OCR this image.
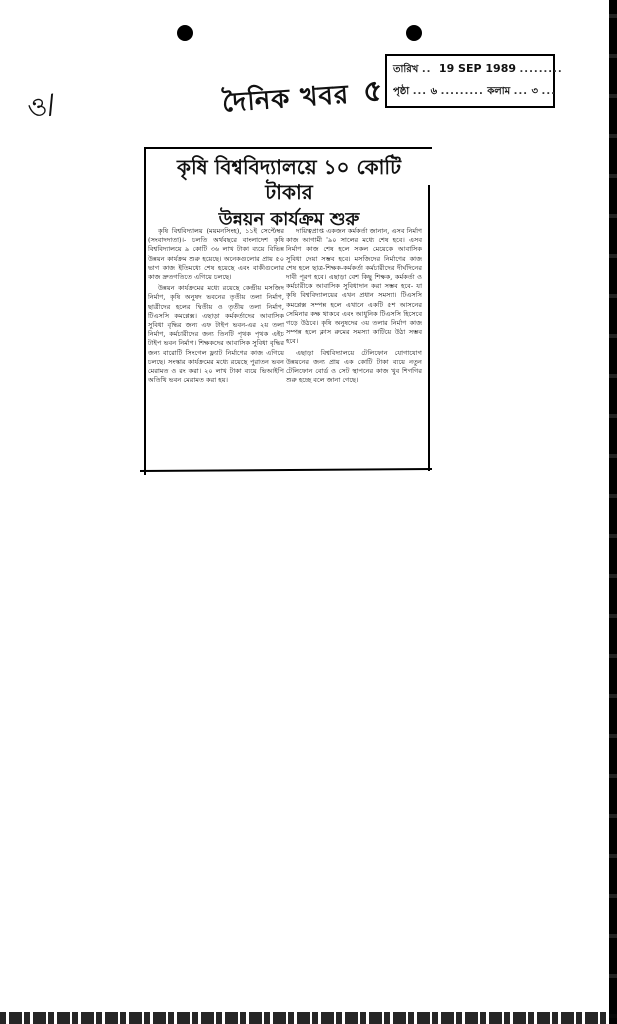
ও/	দৈনিক খবর ৫
তারিখ .. 19 SEP 1989 .........
পৃষ্ঠা ... ৬ ......... কলাম ... ৩ ...
কৃষি বিশ্ববিদ্যালয়ে ১০ কোটি টাকার
উন্নয়ন কার্যক্রম শুরু

কৃষি বিশ্ববিদ্যালয় (ময়মনসিংহ), ১১ই সেপ্টেম্বর (সংবাদদাতা)।- চলতি অর্থবছরে বাংলাদেশ কৃষি বিশ্ববিদ্যালয়ে ৯ কোটি ৩৬ লাখ টাকা ব্যয়ে বিভিন্ন উন্নয়ন কার্যক্রম শুরু হয়েছে। অনেকগুলোর প্রায় ৫০ ভাগ কাজ ইতিমধ্যে শেষ হয়েছে এবং বাকীগুলোর কাজ দ্রুতগতিতে এগিয়ে চলছে।

উন্নয়ন কার্যক্রমের মধ্যে রয়েছে কেন্দ্রীয় মসজিদ নির্মাণ, কৃষি অনুষদ ভবনের তৃতীয় তলা নির্মাণ, ছাত্রীদের হলের দ্বিতীয় ও তৃতীয় তলা নির্মাণ, টিএসসি কমপ্লেক্স। এছাড়া কর্মকর্তাদের আবাসিক সুবিধা বৃদ্ধির জন্য এফ টাইপ ভবন-এর ২য় তলা নির্মাণ, কর্মচারীদের জন্য তিনটি পৃথক পৃথক এইচ টাইপ ভবন নির্মাণ। শিক্ষকদের আবাসিক সুবিধা বৃদ্ধির জন্য বারোটি সিংগেল ফ্ল্যাট নির্মাণের কাজ এগিয়ে চলছে। সংস্কার কার্যক্রমের মধ্যে রয়েছে পুরাতন ভবন মেরামত ও রং করা। ২০ লাখ টাকা ব্যয়ে ভিআইপি অতিথি ভবন মেরামত করা হয়।

দায়িত্বপ্রাপ্ত একজন কর্মকর্তা জানান, এসব নির্মাণ কাজ আগামী '৯০ সালের মধ্যে শেষ হবে। এসব নির্মাণ কাজ শেষ হলে সকল মেয়েকে আবাসিক সুবিধা দেয়া সম্ভব হবে। মসজিদের নির্মাণের কাজ শেষ হলে ছাত্র-শিক্ষক-কর্মকর্তা কর্মচারীদের দীর্ঘদিনের দাবী পূরণ হবে। এছাড়া বেশ কিছু শিক্ষক, কর্মকর্তা ও কর্মচারীকে আবাসিক সুবিধাদান করা সম্ভব হবে- যা কৃষি বিশ্ববিদ্যালয়ের এখন প্রধান সমস্যা। টিএসসি কমপ্লেক্স সম্পন্ন হলে এখানে একটি ৫শ আসনের সেমিনার কক্ষ থাকবে এবং আধুনিক টিএসসি হিসেবে গড়ে উঠবে। কৃষি অনুষদের ৩য় তলার নির্মাণ কাজ সম্পন্ন হলে ক্লাস রুমের সমস্যা কাটিয়ে উঠা সম্ভব হবে।

এছাড়া বিশ্ববিদ্যালয়ে টেলিফোন যোগাযোগ উন্নয়নের জন্য প্রায় এক কোটি টাকা ব্যয়ে নতুন টেলিফোন বোর্ড ও সেট স্থাপনের কাজ খুব শিগগির শুরু হচ্ছে বলে জানা গেছে।
